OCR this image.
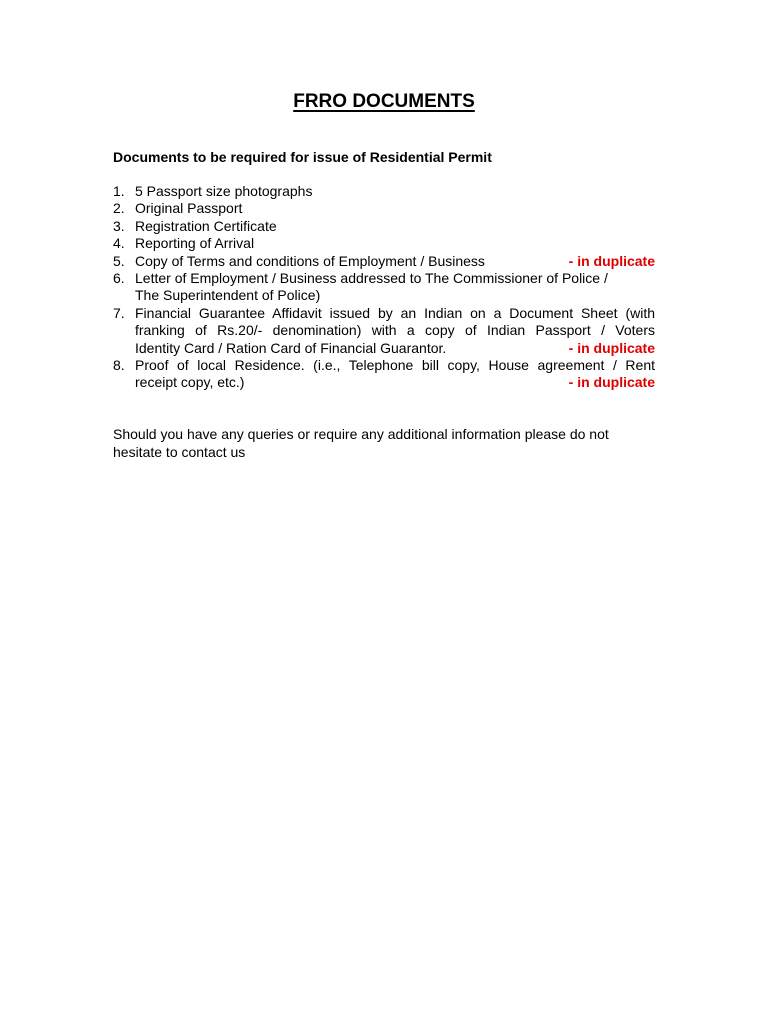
FRRO DOCUMENTS
Documents to be required for issue of Residential Permit
1. 5 Passport size photographs
2. Original Passport
3. Registration Certificate
4. Reporting of Arrival
5. Copy of Terms and conditions of Employment / Business	- in duplicate
6. Letter of Employment / Business addressed to The Commissioner of Police /
The Superintendent of Police)
7. Financial Guarantee Affidavit issued by an Indian on a Document Sheet (with
franking of Rs.20/- denomination) with a copy of Indian Passport / Voters
Identity Card / Ration Card of Financial Guarantor.	- in duplicate
8. Proof of local Residence. (i.e., Telephone bill copy, House agreement / Rent
receipt copy, etc.)	- in duplicate
Should you have any queries or require any additional information please do not hesitate to contact us
